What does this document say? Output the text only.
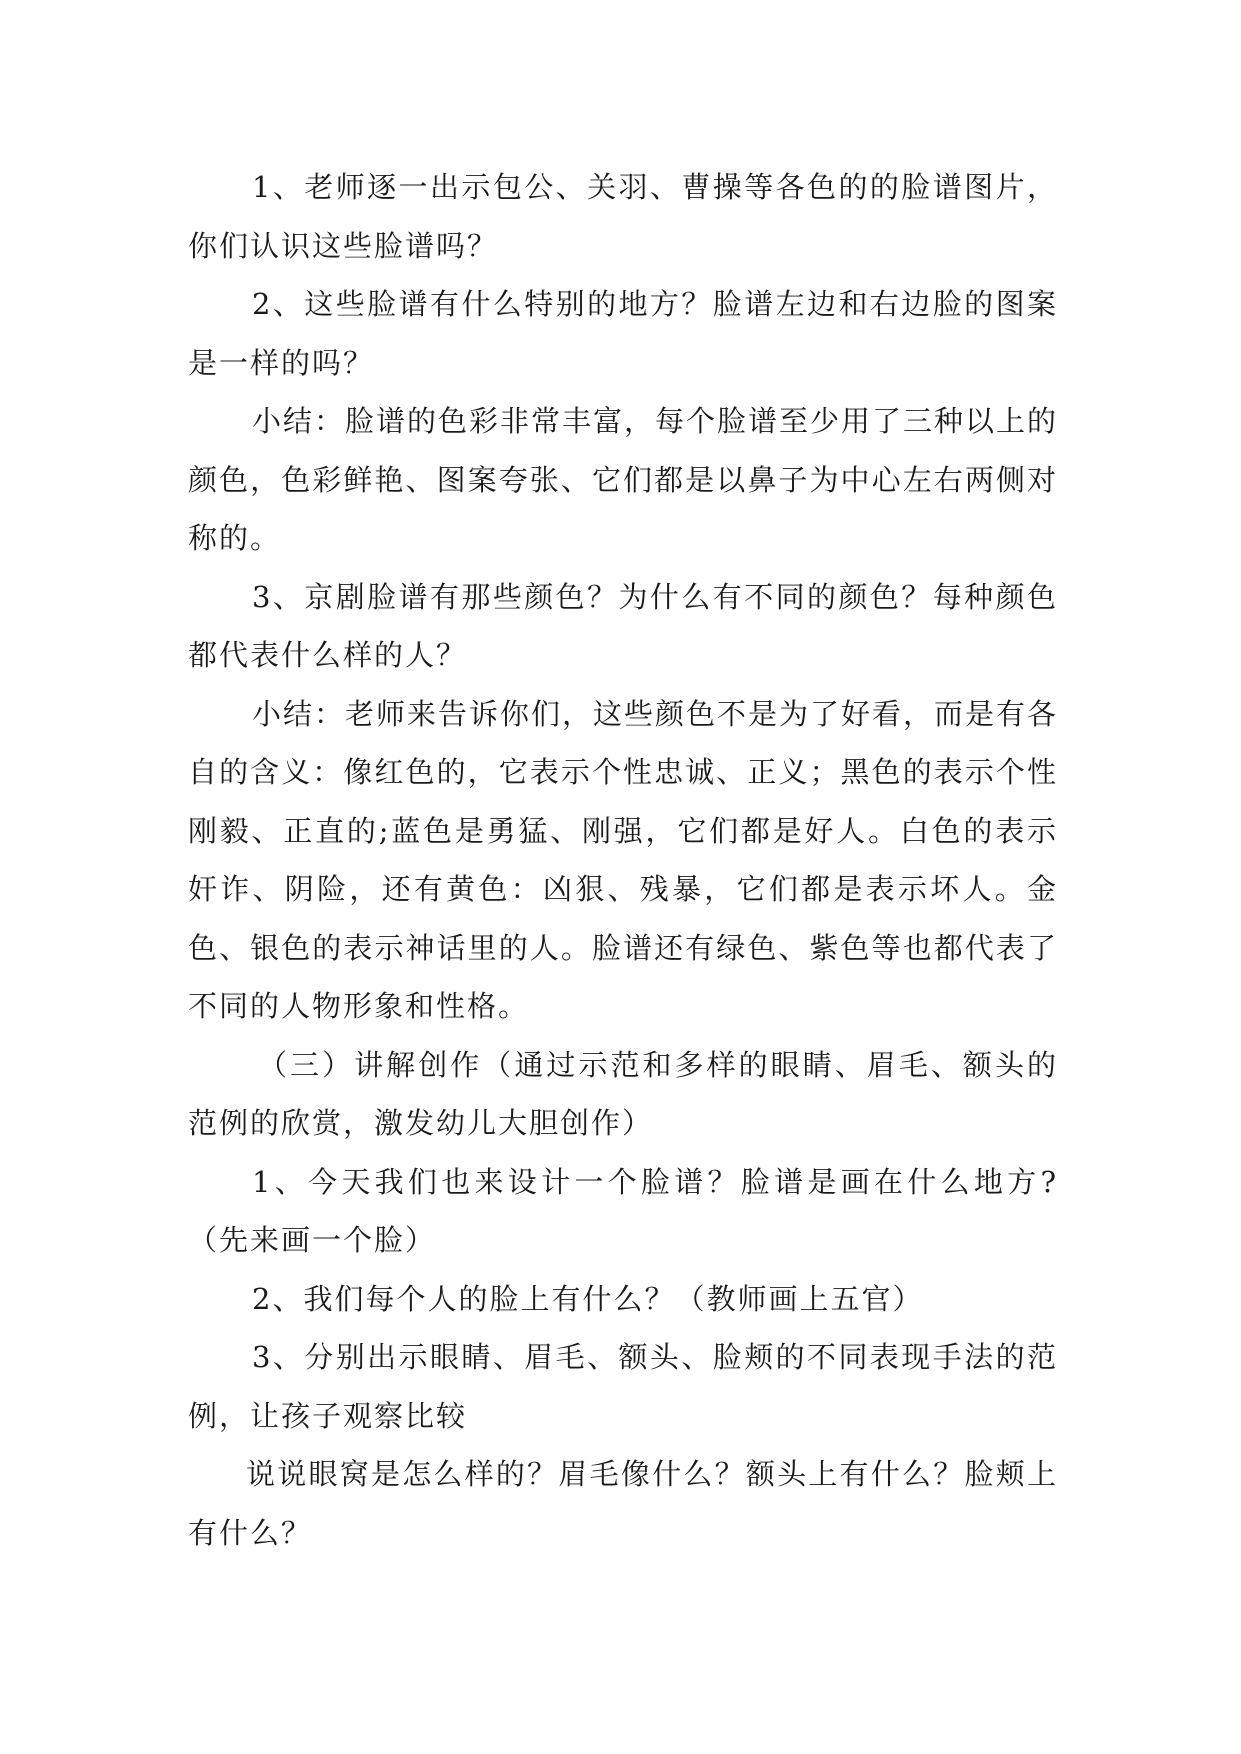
1、老师逐一出示包公、关羽、曹操等各色的的脸谱图片，你们认识这些脸谱吗？

2、这些脸谱有什么特别的地方？脸谱左边和右边脸的图案是一样的吗？

小结：脸谱的色彩非常丰富，每个脸谱至少用了三种以上的颜色，色彩鲜艳、图案夸张、它们都是以鼻子为中心左右两侧对称的。

3、京剧脸谱有那些颜色？为什么有不同的颜色？每种颜色都代表什么样的人？

小结：老师来告诉你们，这些颜色不是为了好看，而是有各自的含义：像红色的，它表示个性忠诚、正义；黑色的表示个性刚毅、正直的;蓝色是勇猛、刚强，它们都是好人。白色的表示奸诈、阴险，还有黄色：凶狠、残暴，它们都是表示坏人。金色、银色的表示神话里的人。脸谱还有绿色、紫色等也都代表了不同的人物形象和性格。

（三）讲解创作（通过示范和多样的眼睛、眉毛、额头的范例的欣赏，激发幼儿大胆创作）

1、今天我们也来设计一个脸谱？脸谱是画在什么地方?（先来画一个脸）

2、我们每个人的脸上有什么？（教师画上五官）

3、分别出示眼睛、眉毛、额头、脸颊的不同表现手法的范例，让孩子观察比较

说说眼窝是怎么样的？眉毛像什么？额头上有什么？脸颊上有什么？
